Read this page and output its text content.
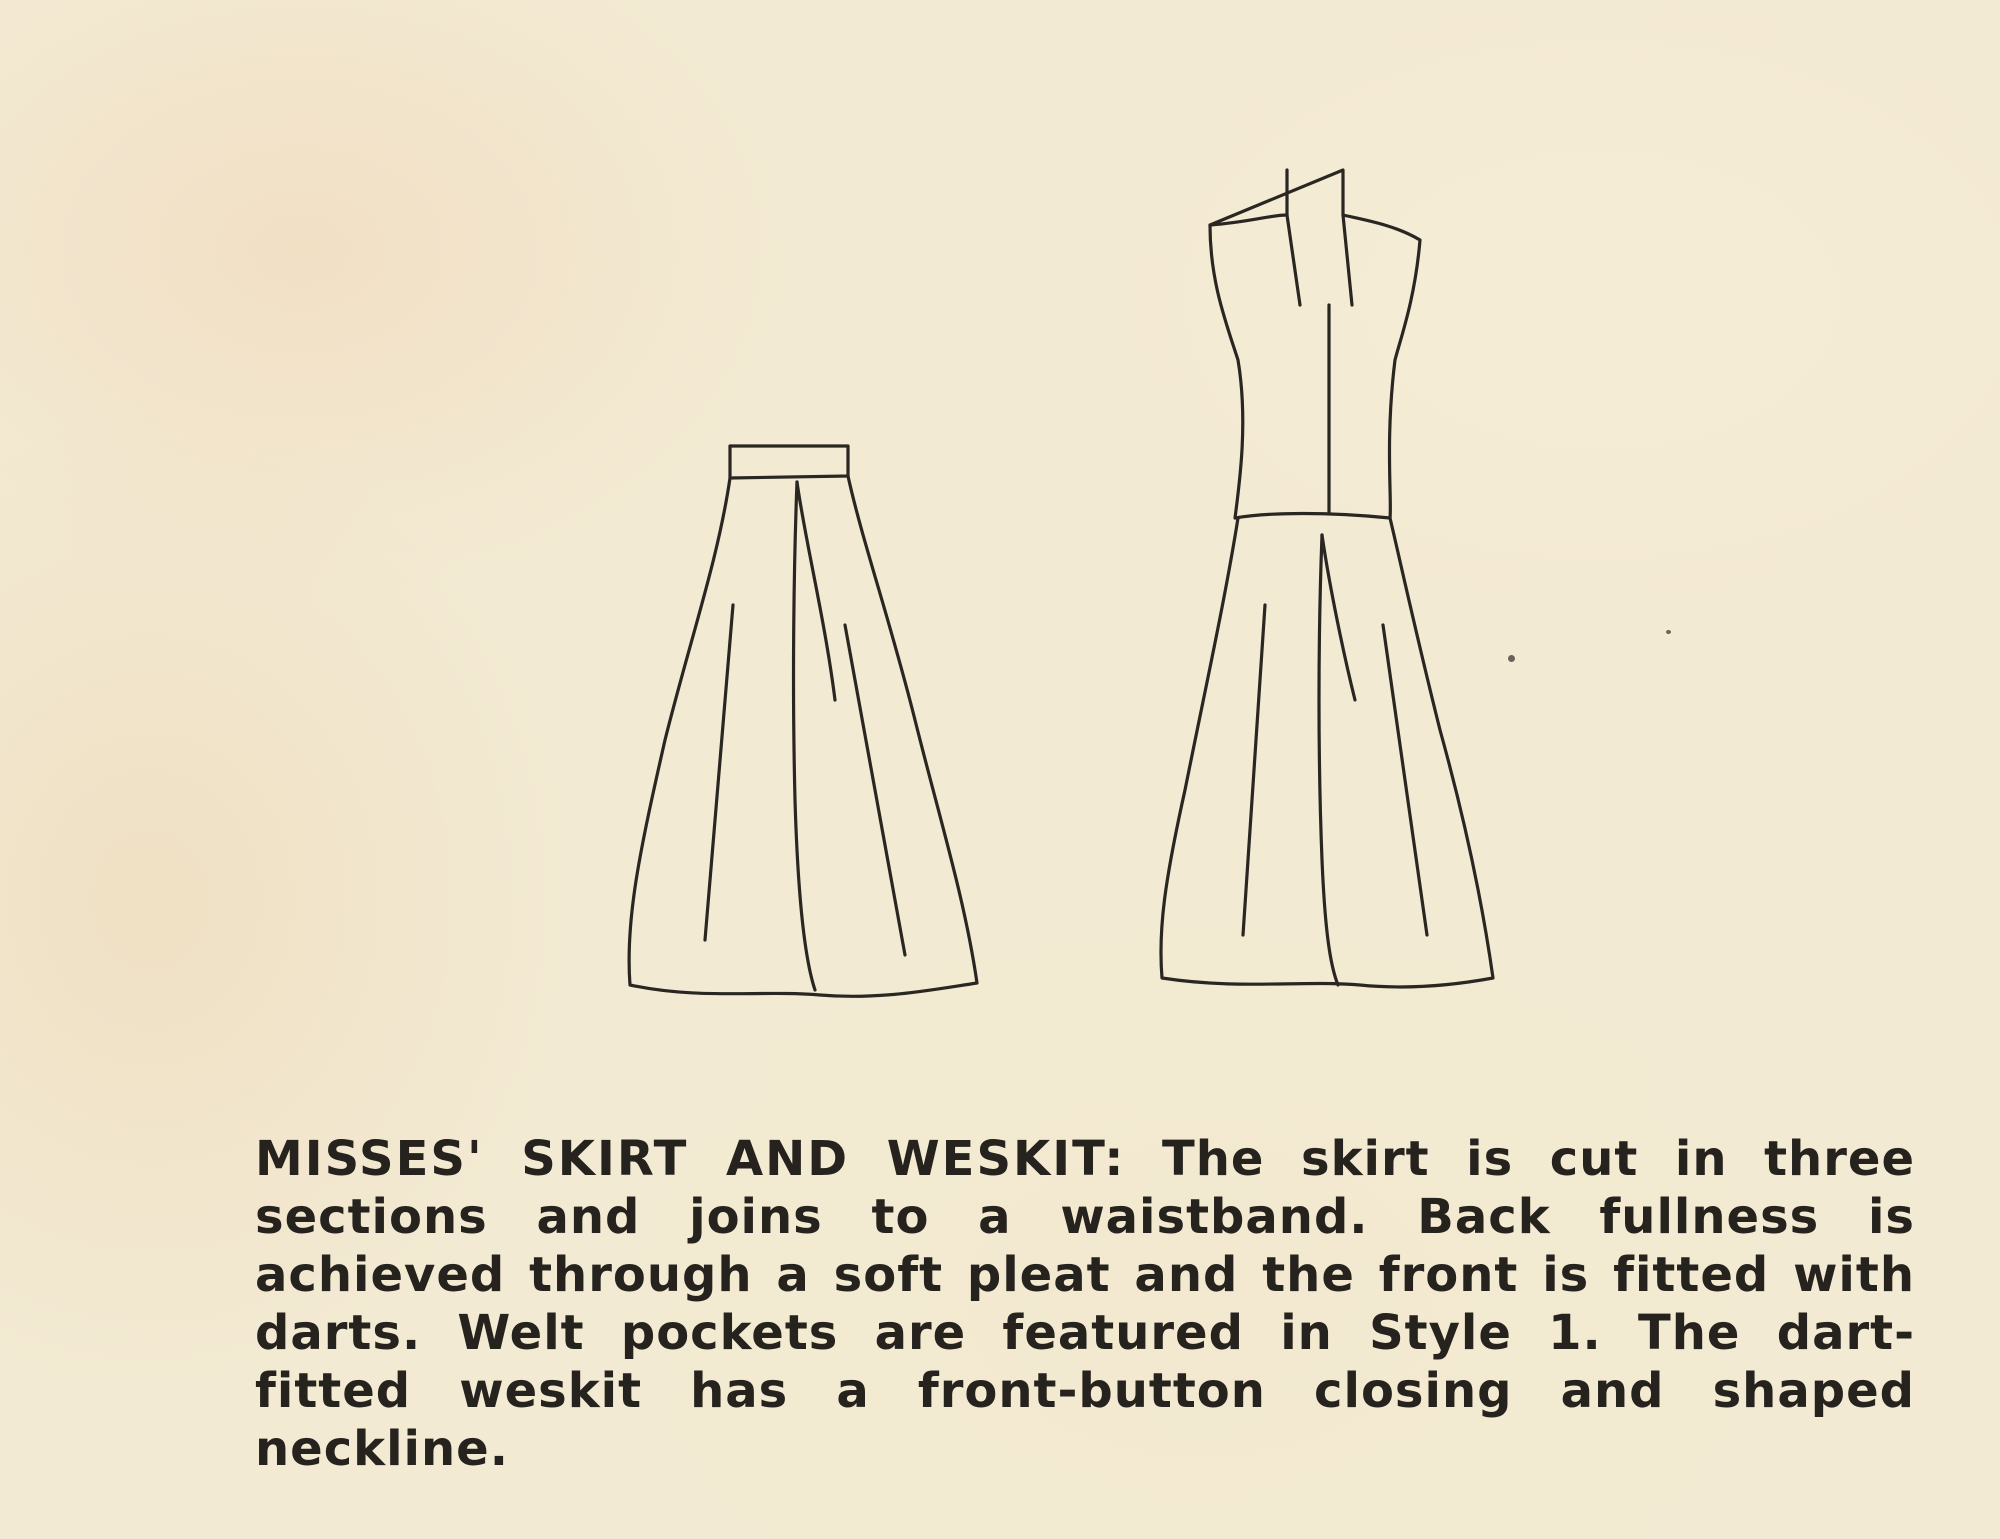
MISSES' SKIRT AND WESKIT: The skirt is cut in three sections and joins to a waistband. Back fullness is achieved through a soft pleat and the front is fitted with darts. Welt pockets are featured in Style 1. The dart-fitted weskit has a front-button closing and shaped neckline.
